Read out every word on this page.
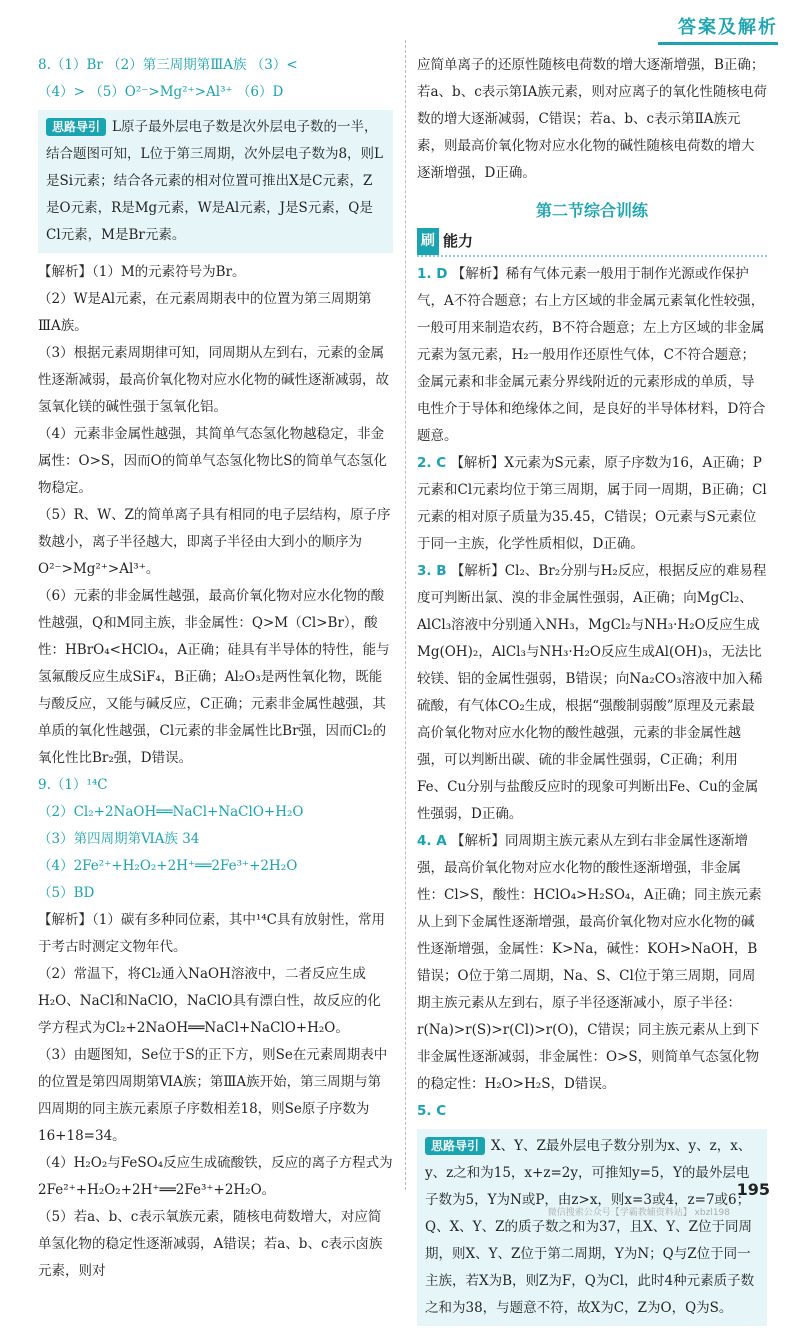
答案及解析

8.（1）Br （2）第三周期第ⅢA族 （3）<

（4）> （5）O²⁻>Mg²⁺>Al³⁺ （6）D

思路导引 L原子最外层电子数是次外层电子数的一半，结合题图可知，L位于第三周期，次外层电子数为8，则L是Si元素；结合各元素的相对位置可推出X是C元素，Z是O元素，R是Mg元素，W是Al元素，J是S元素，Q是Cl元素，M是Br元素。

【解析】（1）M的元素符号为Br。

（2）W是Al元素，在元素周期表中的位置为第三周期第ⅢA族。

（3）根据元素周期律可知，同周期从左到右，元素的金属性逐渐减弱，最高价氧化物对应水化物的碱性逐渐减弱，故氢氧化镁的碱性强于氢氧化铝。

（4）元素非金属性越强，其简单气态氢化物越稳定，非金属性：O>S，因而O的简单气态氢化物比S的简单气态氢化物稳定。

（5）R、W、Z的简单离子具有相同的电子层结构，原子序数越小，离子半径越大，即离子半径由大到小的顺序为O²⁻>Mg²⁺>Al³⁺。

（6）元素的非金属性越强，最高价氧化物对应水化物的酸性越强，Q和M同主族，非金属性：Q>M（Cl>Br），酸性：HBrO₄<HClO₄，A正确；硅具有半导体的特性，能与氢氟酸反应生成SiF₄，B正确；Al₂O₃是两性氧化物，既能与酸反应，又能与碱反应，C正确；元素非金属性越强，其单质的氧化性越强，Cl元素的非金属性比Br强，因而Cl₂的氧化性比Br₂强，D错误。

9.（1）¹⁴C

（2）Cl₂+2NaOH══NaCl+NaClO+H₂O

（3）第四周期第ⅥA族 34

（4）2Fe²⁺+H₂O₂+2H⁺══2Fe³⁺+2H₂O

（5）BD

【解析】（1）碳有多种同位素，其中¹⁴C具有放射性，常用于考古时测定文物年代。

（2）常温下，将Cl₂通入NaOH溶液中，二者反应生成H₂O、NaCl和NaClO，NaClO具有漂白性，故反应的化学方程式为Cl₂+2NaOH══NaCl+NaClO+H₂O。

（3）由题图知，Se位于S的正下方，则Se在元素周期表中的位置是第四周期第ⅥA族；第ⅢA族开始，第三周期与第四周期的同主族元素原子序数相差18，则Se原子序数为16+18=34。

（4）H₂O₂与FeSO₄反应生成硫酸铁，反应的离子方程式为2Fe²⁺+H₂O₂+2H⁺══2Fe³⁺+2H₂O。

（5）若a、b、c表示氧族元素，随核电荷数增大，对应简单氢化物的稳定性逐渐减弱，A错误；若a、b、c表示卤族元素，则对

应简单离子的还原性随核电荷数的增大逐渐增强，B正确；若a、b、c表示第ⅠA族元素，则对应离子的氧化性随核电荷数的增大逐渐减弱，C错误；若a、b、c表示第ⅡA族元素，则最高价氧化物对应水化物的碱性随核电荷数的增大逐渐增强，D正确。

第二节综合训练
刷 能力

1. D 【解析】稀有气体元素一般用于制作光源或作保护气，A不符合题意；右上方区域的非金属元素氧化性较强，一般可用来制造农药，B不符合题意；左上方区域的非金属元素为氢元素，H₂一般用作还原性气体，C不符合题意；金属元素和非金属元素分界线附近的元素形成的单质，导电性介于导体和绝缘体之间，是良好的半导体材料，D符合题意。

2. C 【解析】X元素为S元素，原子序数为16，A正确；P元素和Cl元素均位于第三周期，属于同一周期，B正确；Cl元素的相对原子质量为35.45，C错误；O元素与S元素位于同一主族，化学性质相似，D正确。

3. B 【解析】Cl₂、Br₂分别与H₂反应，根据反应的难易程度可判断出氯、溴的非金属性强弱，A正确；向MgCl₂、AlCl₃溶液中分别通入NH₃，MgCl₂与NH₃·H₂O反应生成Mg(OH)₂，AlCl₃与NH₃·H₂O反应生成Al(OH)₃，无法比较镁、铝的金属性强弱，B错误；向Na₂CO₃溶液中加入稀硫酸，有气体CO₂生成，根据“强酸制弱酸”原理及元素最高价氧化物对应水化物的酸性越强，元素的非金属性越强，可以判断出碳、硫的非金属性强弱，C正确；利用Fe、Cu分别与盐酸反应时的现象可判断出Fe、Cu的金属性强弱，D正确。

4. A 【解析】同周期主族元素从左到右非金属性逐渐增强，最高价氧化物对应水化物的酸性逐渐增强，非金属性：Cl>S，酸性：HClO₄>H₂SO₄，A正确；同主族元素从上到下金属性逐渐增强，最高价氧化物对应水化物的碱性逐渐增强，金属性：K>Na，碱性：KOH>NaOH，B错误；O位于第二周期，Na、S、Cl位于第三周期，同周期主族元素从左到右，原子半径逐渐减小，原子半径：r(Na)>r(S)>r(Cl)>r(O)，C错误；同主族元素从上到下非金属性逐渐减弱，非金属性：O>S，则简单气态氢化物的稳定性：H₂O>H₂S，D错误。

5. C

思路导引 X、Y、Z最外层电子数分别为x、y、z，x、y、z之和为15，x+z=2y，可推知y=5，Y的最外层电子数为5，Y为N或P，由z>x，则x=3或4，z=7或6；Q、X、Y、Z的质子数之和为37，且X、Y、Z位于同周期，则X、Y、Z位于第二周期，Y为N；Q与Z位于同一主族，若X为B，则Z为F，Q为Cl，此时4种元素质子数之和为38，与题意不符，故X为C，Z为O，Q为S。
195
微信搜索公众号【学霸教辅资料站】 xbzl198
